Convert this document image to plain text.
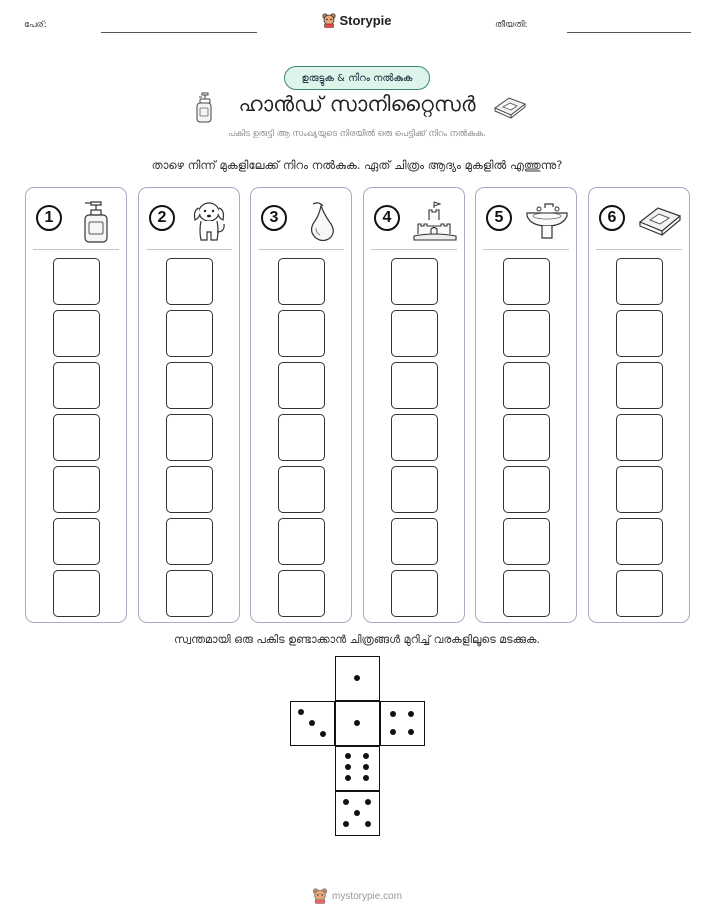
പേര്:	Storypie	തീയതി:
ഉരുട്ടുക & നിറം നൽകുക
ഹാൻഡ് സാനിറ്റൈസർ
പകിട ഉരുട്ടി ആ സംഖ്യയുടെ നിരയിൽ ഒരു പെട്ടിക്ക് നിറം നൽകുക.
താഴെ നിന്ന് മുകളിലേക്ക് നിറം നൽകുക. ഏത് ചിത്രം ആദ്യം മുകളിൽ എത്തുന്നു?
1	2	3	4	5	6
സ്വന്തമായി ഒരു പകിട ഉണ്ടാക്കാൻ ചിത്രങ്ങൾ മുറിച്ച് വരകളിലൂടെ മടക്കുക.
mystorypie.com
